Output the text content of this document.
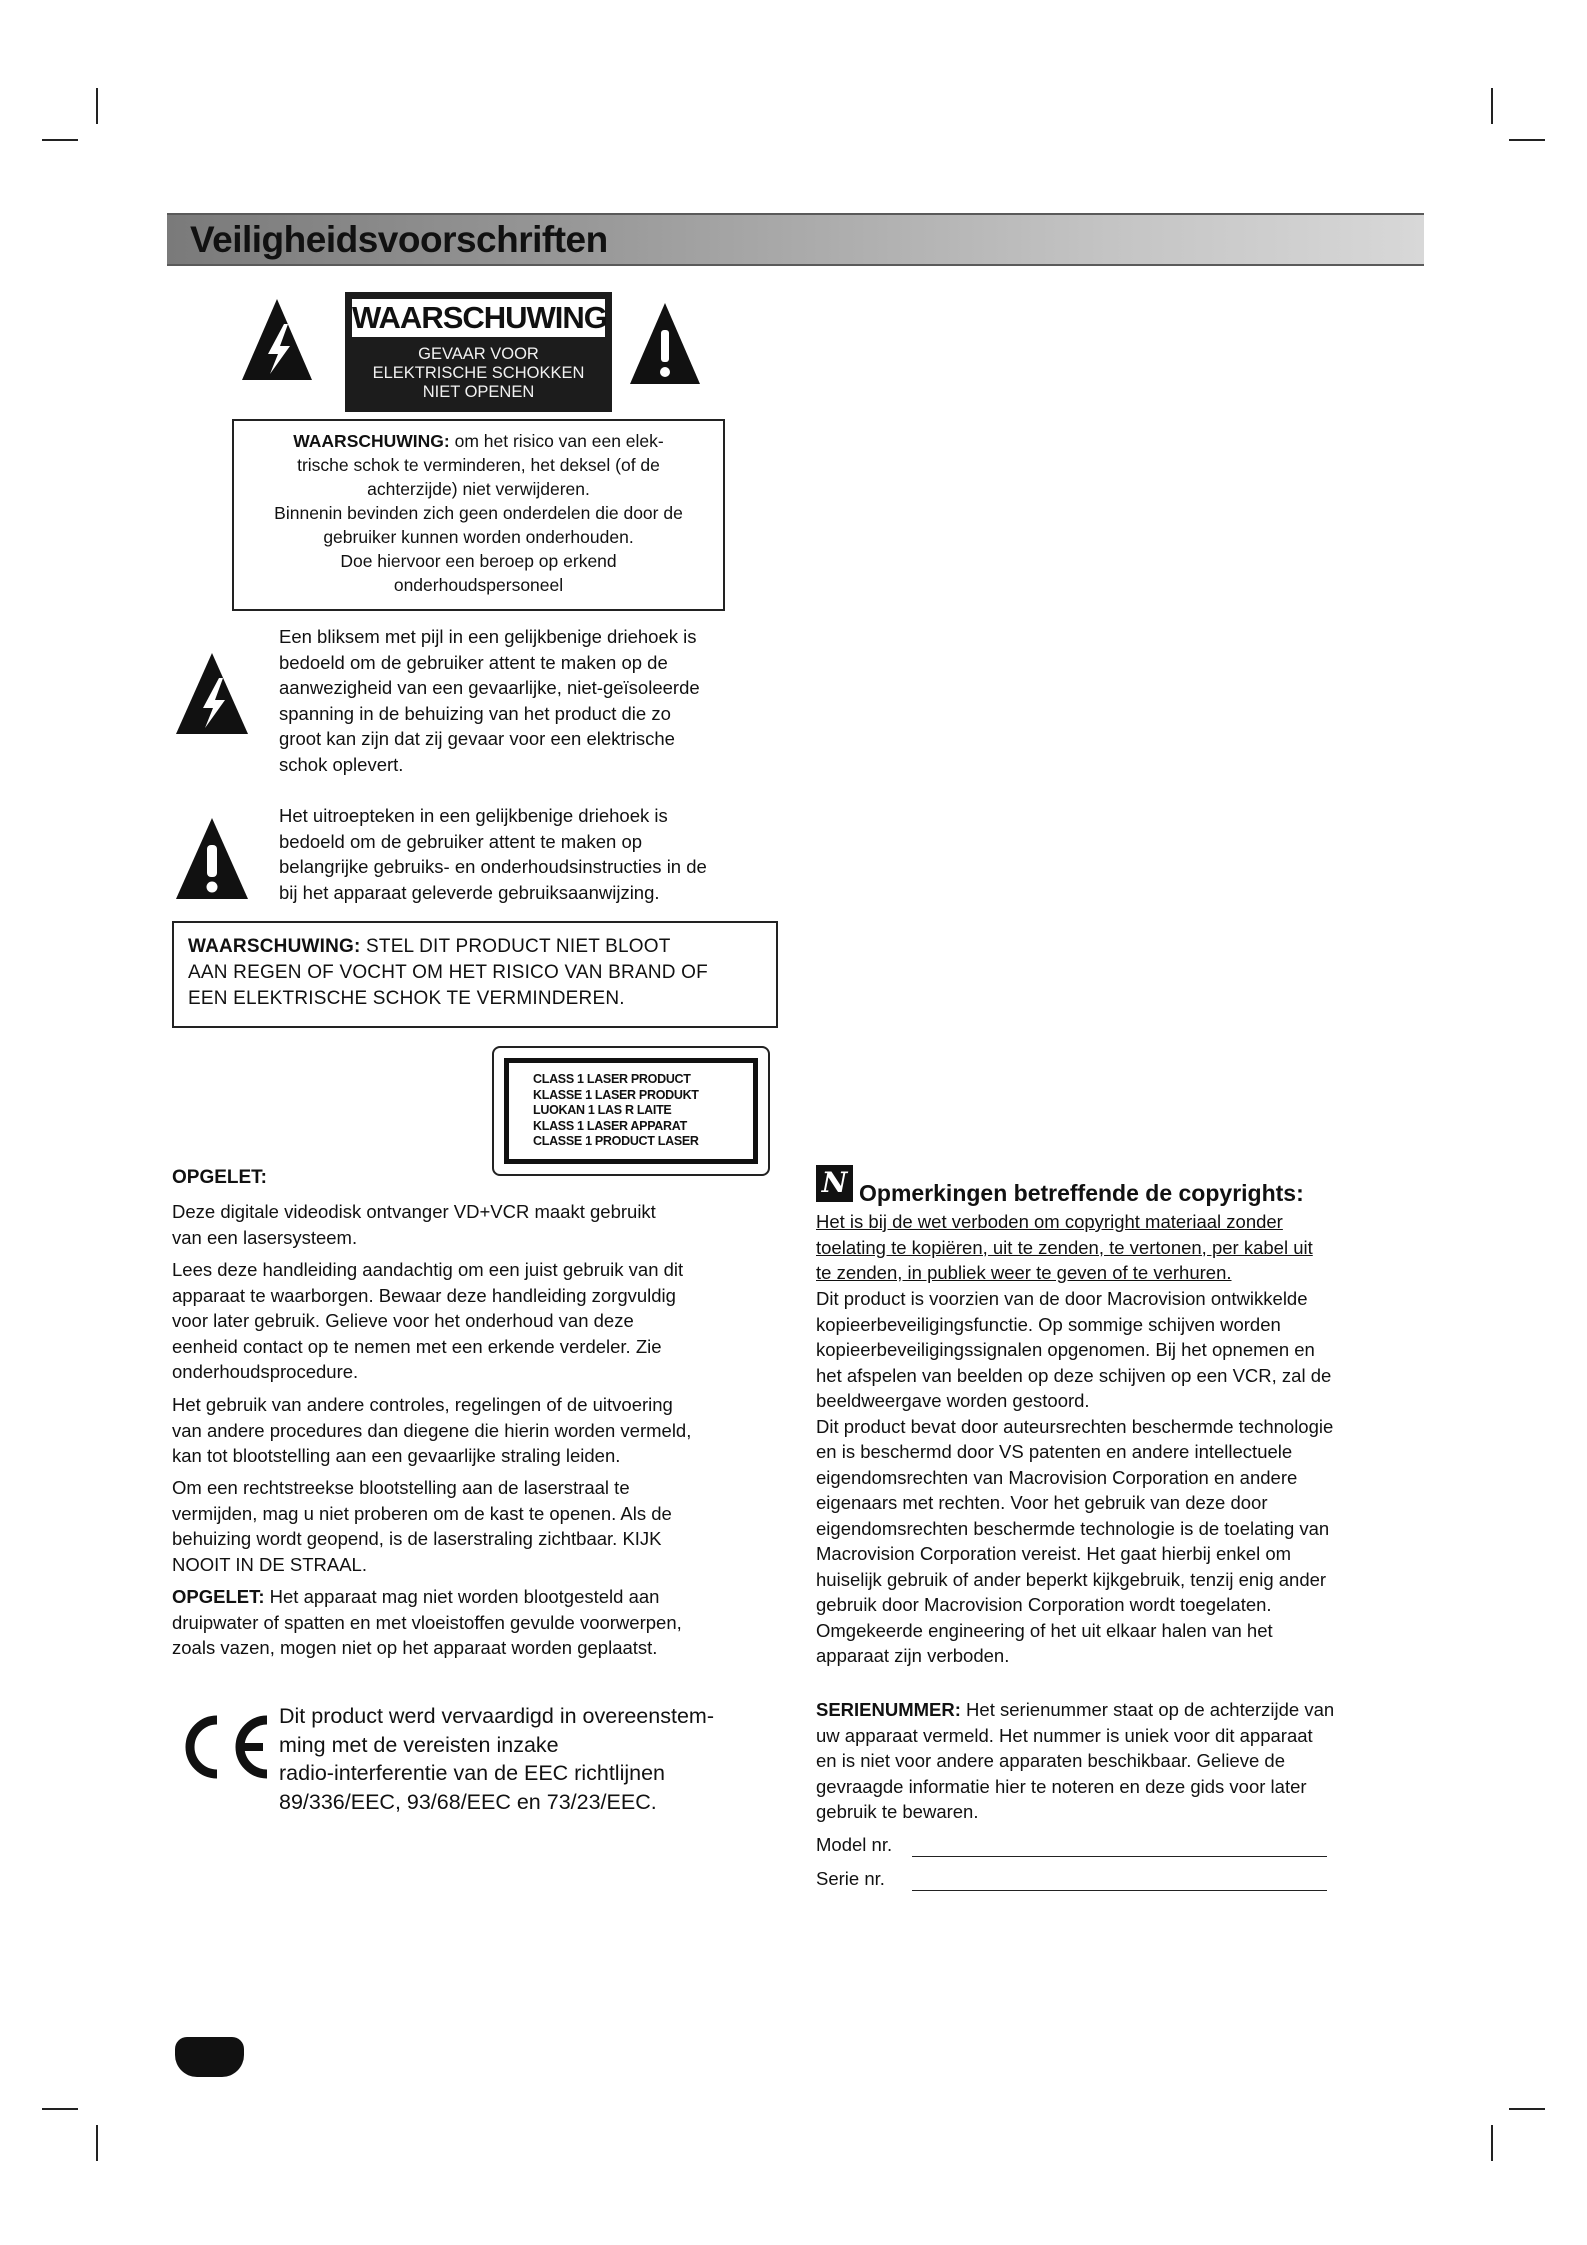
Veiligheidsvoorschriften
WAARSCHUWING
GEVAAR VOOR
ELEKTRISCHE SCHOKKEN
NIET OPENEN
WAARSCHUWING: om het risico van een elek-
trische schok te verminderen, het deksel (of de
achterzijde) niet verwijderen.
Binnenin bevinden zich geen onderdelen die door de
gebruiker kunnen worden onderhouden.
Doe hiervoor een beroep op erkend
onderhoudspersoneel
Een bliksem met pijl in een gelijkbenige driehoek is
bedoeld om de gebruiker attent te maken op de
aanwezigheid van een gevaarlijke, niet-geïsoleerde
spanning in de behuizing van het product die zo
groot kan zijn dat zij gevaar voor een elektrische
schok oplevert.
Het uitroepteken in een gelijkbenige driehoek is
bedoeld om de gebruiker attent te maken op
belangrijke gebruiks- en onderhoudsinstructies in de
bij het apparaat geleverde gebruiksaanwijzing.
WAARSCHUWING: STEL DIT PRODUCT NIET BLOOT
AAN REGEN OF VOCHT OM HET RISICO VAN BRAND OF
EEN ELEKTRISCHE SCHOK TE VERMINDEREN.
CLASS 1 LASER PRODUCT
KLASSE 1 LASER PRODUKT
LUOKAN 1 LAS R LAITE
KLASS 1 LASER APPARAT
CLASSE 1 PRODUCT LASER
OPGELET:
Deze digitale videodisk ontvanger VD+VCR maakt gebruikt
van een lasersysteem.
Lees deze handleiding aandachtig om een juist gebruik van dit
apparaat te waarborgen. Bewaar deze handleiding zorgvuldig
voor later gebruik. Gelieve voor het onderhoud van deze
eenheid contact op te nemen met een erkende verdeler. Zie
onderhoudsprocedure.
Het gebruik van andere controles, regelingen of de uitvoering
van andere procedures dan diegene die hierin worden vermeld,
kan tot blootstelling aan een gevaarlijke straling leiden.
Om een rechtstreekse blootstelling aan de laserstraal te
vermijden, mag u niet proberen om de kast te openen. Als de
behuizing wordt geopend, is de laserstraling zichtbaar. KIJK
NOOIT IN DE STRAAL.
OPGELET: Het apparaat mag niet worden blootgesteld aan
druipwater of spatten en met vloeistoffen gevulde voorwerpen,
zoals vazen, mogen niet op het apparaat worden geplaatst.
Dit product werd vervaardigd in overeenstem-
ming met de vereisten inzake
radio-interferentie van de EEC richtlijnen
89/336/EEC, 93/68/EEC en 73/23/EEC.
N Opmerkingen betreffende de copyrights:
Het is bij de wet verboden om copyright materiaal zonder
toelating te kopiëren, uit te zenden, te vertonen, per kabel uit
te zenden, in publiek weer te geven of te verhuren.
Dit product is voorzien van de door Macrovision ontwikkelde
kopieerbeveiligingsfunctie. Op sommige schijven worden
kopieerbeveiligingssignalen opgenomen. Bij het opnemen en
het afspelen van beelden op deze schijven op een VCR, zal de
beeldweergave worden gestoord.
Dit product bevat door auteursrechten beschermde technologie
en is beschermd door VS patenten en andere intellectuele
eigendomsrechten van Macrovision Corporation en andere
eigenaars met rechten. Voor het gebruik van deze door
eigendomsrechten beschermde technologie is de toelating van
Macrovision Corporation vereist. Het gaat hierbij enkel om
huiselijk gebruik of ander beperkt kijkgebruik, tenzij enig ander
gebruik door Macrovision Corporation wordt toegelaten.
Omgekeerde engineering of het uit elkaar halen van het
apparaat zijn verboden.
SERIENUMMER: Het serienummer staat op de achterzijde van
uw apparaat vermeld. Het nummer is uniek voor dit apparaat
en is niet voor andere apparaten beschikbaar. Gelieve de
gevraagde informatie hier te noteren en deze gids voor later
gebruik te bewaren.
Model nr.
Serie nr.
